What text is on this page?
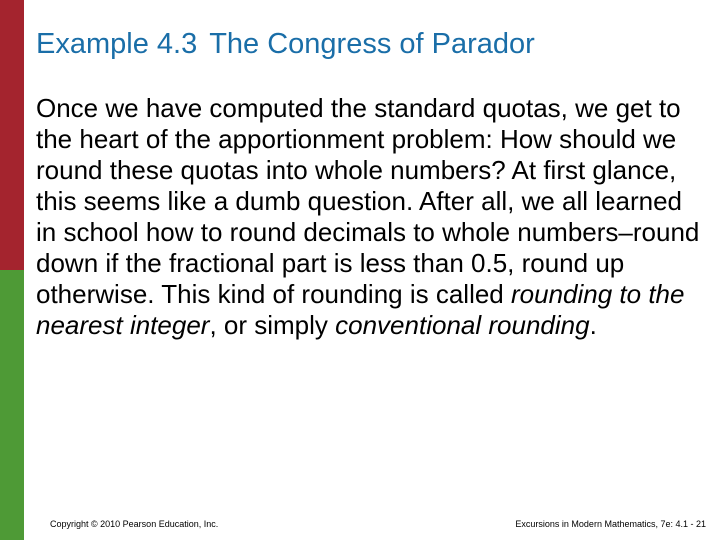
Example 4.3 The Congress of Parador

Once we have computed the standard quotas, we get to the heart of the apportionment problem: How should we round these quotas into whole numbers? At first glance, this seems like a dumb question. After all, we all learned in school how to round decimals to whole numbers–round down if the fractional part is less than 0.5, round up otherwise. This kind of rounding is called rounding to the nearest integer, or simply conventional rounding.

Copyright © 2010 Pearson Education, Inc.	Excursions in Modern Mathematics, 7e: 4.1 - 21
